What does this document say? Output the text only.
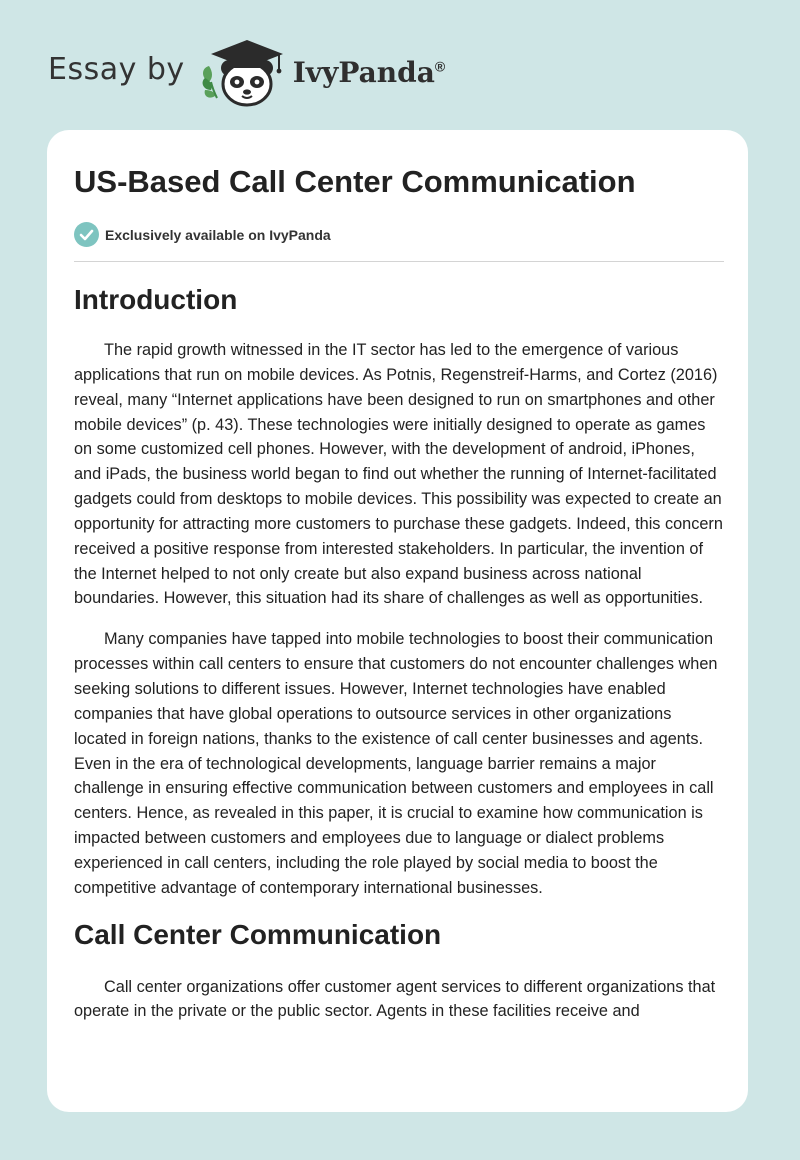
Essay by	IvyPanda®
US-Based Call Center Communication
Exclusively available on IvyPanda
Introduction

The rapid growth witnessed in the IT sector has led to the emergence of various applications that run on mobile devices. As Potnis, Regenstreif-Harms, and Cortez (2016) reveal, many “Internet applications have been designed to run on smartphones and other mobile devices” (p. 43). These technologies were initially designed to operate as games on some customized cell phones. However, with the development of android, iPhones, and iPads, the business world began to find out whether the running of Internet-facilitated gadgets could from desktops to mobile devices. This possibility was expected to create an opportunity for attracting more customers to purchase these gadgets. Indeed, this concern received a positive response from interested stakeholders. In particular, the invention of the Internet helped to not only create but also expand business across national boundaries. However, this situation had its share of challenges as well as opportunities.

Many companies have tapped into mobile technologies to boost their communication processes within call centers to ensure that customers do not encounter challenges when seeking solutions to different issues. However, Internet technologies have enabled companies that have global operations to outsource services in other organizations located in foreign nations, thanks to the existence of call center businesses and agents. Even in the era of technological developments, language barrier remains a major challenge in ensuring effective communication between customers and employees in call centers. Hence, as revealed in this paper, it is crucial to examine how communication is impacted between customers and employees due to language or dialect problems experienced in call centers, including the role played by social media to boost the competitive advantage of contemporary international businesses.

Call Center Communication

Call center organizations offer customer agent services to different organizations that operate in the private or the public sector. Agents in these facilities receive and
